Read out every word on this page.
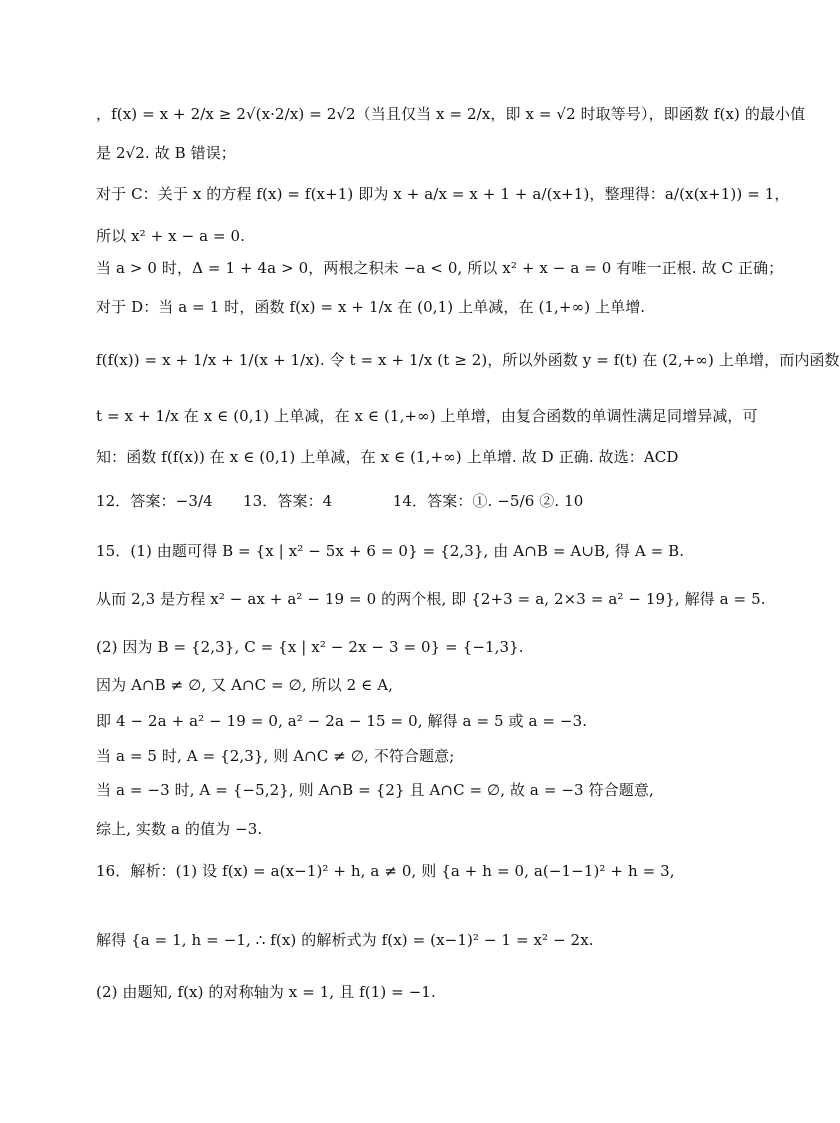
，f(x) = x + 2/x ≥ 2√(x·2/x) = 2√2（当且仅当 x = 2/x，即 x = √2 时取等号），即函数 f(x) 的最小值
是 2√2. 故 B 错误；
对于 C：关于 x 的方程 f(x) = f(x+1) 即为 x + a/x = x + 1 + a/(x+1)，整理得：a/(x(x+1)) = 1，
所以 x² + x − a = 0.
当 a > 0 时，Δ = 1 + 4a > 0，两根之积未 −a < 0, 所以 x² + x − a = 0 有唯一正根. 故 C 正确；
对于 D：当 a = 1 时，函数 f(x) = x + 1/x 在 (0,1) 上单减，在 (1,+∞) 上单增.
f(f(x)) = x + 1/x + 1/(x + 1/x). 令 t = x + 1/x (t ≥ 2)，所以外函数 y = f(t) 在 (2,+∞) 上单增，而内函数
t = x + 1/x 在 x ∈ (0,1) 上单减，在 x ∈ (1,+∞) 上单增，由复合函数的单调性满足同增异减，可
知：函数 f(f(x)) 在 x ∈ (0,1) 上单减，在 x ∈ (1,+∞) 上单增. 故 D 正确. 故选：ACD
12．答案：−3/4　　13．答案：4　　　　14．答案：①. −5/6 ②. 10
15．(1) 由题可得 B = {x | x² − 5x + 6 = 0} = {2,3}, 由 A∩B = A∪B, 得 A = B.
从而 2,3 是方程 x² − ax + a² − 19 = 0 的两个根, 即 {2+3 = a, 2×3 = a² − 19}, 解得 a = 5.
(2) 因为 B = {2,3}, C = {x | x² − 2x − 3 = 0} = {−1,3}.
因为 A∩B ≠ ∅, 又 A∩C = ∅, 所以 2 ∈ A,
即 4 − 2a + a² − 19 = 0, a² − 2a − 15 = 0, 解得 a = 5 或 a = −3.
当 a = 5 时, A = {2,3}, 则 A∩C ≠ ∅, 不符合题意;
当 a = −3 时, A = {−5,2}, 则 A∩B = {2} 且 A∩C = ∅, 故 a = −3 符合题意,
综上, 实数 a 的值为 −3.
16．解析：(1) 设 f(x) = a(x−1)² + h, a ≠ 0, 则 {a + h = 0, a(−1−1)² + h = 3,
解得 {a = 1, h = −1, ∴ f(x) 的解析式为 f(x) = (x−1)² − 1 = x² − 2x.
(2) 由题知, f(x) 的对称轴为 x = 1, 且 f(1) = −1.
